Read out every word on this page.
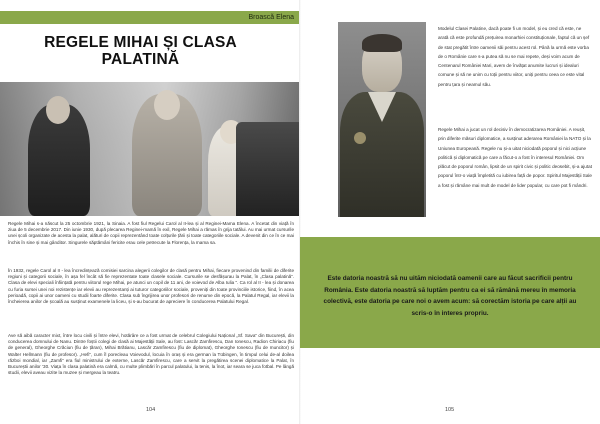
Broască Elena
REGELE MIHAI ȘI CLASA PALATINĂ

Regele Mihai s-a născut la 25 octombrie 1921, la Sinaia. A fost fiul Regelui Carol al II-lea și al Reginei-Mama Elena. A încetat din viață în ziua de 5 decembrie 2017. Din iunie 1930, după plecarea Reginei-mamă în exil, Regele Mihai a rămas în grija tatălui. Au mai urmat cursurile unei școli organizate de acesta la palat, alături de copii reprezentând toate colțurile țării și toate categoriile sociale. A devenit din ce în ce mai închis în sine și mai gânditor. Singurele săptămâni fericite erau cele petrecute la Florența, la mama sa.

În 1932, regele Carol al II - lea încredințează comisiei sarcina alegerii colegilor de clasă pentru Mihai, fiecare provenind din familii de diferite regiuni și categorii sociale, în așa fel încât să fie reprezentate toate clasele sociale. Cursurile se desfășurau la Palat, în „Clasa palatină”. Clasa de elevi speciali înființată pentru viitorul rege Mihai, pe atunci un copil de 11 ani, de voievod de Alba Iulia ”. Ca rol al II - lea și donarea cu furia sursei unei noi rezistențe iar elevii au reprezentanți ai tuturor categoriilor sociale, proveniți din toate provinciile istorice, fiind, în acea perioadă, copii ai unor oameni cu studii foarte diferite. Clasa sub îngrijirea unor profesori de renume din epocă, la Palatul Regal, iar elevii la încheierea anilor de școală au susținut examenele la liceu, și s-au bucurat de apreciere în conducerea Palatului Regal.

Ave să aibă caracter mixt, între locu civili și între elevi, hotărâre ce a fost urmat de celebrul Colegiului Național „Sf. Sava” din București, din conducerea domnului de Nanu. Dintre foștii colegi de clasă ai Majestății Sale, au fost: Lascăr Zamfirescu, Dan Ionescu, Radion Chiriacu (fiu de general), Gheorghe Crăciun (fiu de țăran), Mihai Brătianu, Lascăr Zamfirescu (fiu de diplomat), Gheorghe Ionescu (fiu de muncitor) și Walter Hellmann (fiu de profesor). „Hefi”, cum îl porecleau Voievodul, locuia în oraș și era german la Tübingen, în timpul celui de-al doilea război mondial, iar „Zamfi” era fiul ministrului de externe, Lascăr Zamfirescu, care a servit la pregătirea scenei diplomatice la Palat, în Bucureștii anilor ’30. Viața în clasa palatină era calmă, cu multe plimbări în parcul palatului, la tenis, la înot, iar seara se juca fotbal. Pe lângă studii, elevii aveau vizite la muzee și mergeau la teatru.

104

Modelul Clasei Palatine, dacă poate fi un model, și eu cred că este, ne arată că este profundă prețuirea monarhiei constituționale, faptul că un șef de stat pregătit între oamenii săi pentru acest rol. Până la urmă este vorba de o Românie care s-a putea să nu se mai repete, deși voim acum de Centenarul României Mari, avem de învățat anumite lucruri și idealuri comune și să ne unim cu toții pentru viitor, uniți pentru ceea ce este vital pentru țara și neamul său.

Regele Mihai a jucat un rol decisiv în democratizarea României. A reușit, prin diferite măsuri diplomatice, a susținut aderarea României la NATO și la Uniunea Europeană. Regele nu și-a uitat niciodată poporul și nici acțiune politică și diplomatică pe care a făcut-o a fost în interesul României. Om plăcut de poporul român, lipsit de un spirit civic și politic deosebit, și-a ajutat poporul într-o viață împletită cu iubirea față de popor. Spiritul Majestății Sale a fost și rămâne mai mult de model de lider popular, cu care pot fi mândri.

Este datoria noastră să nu uităm niciodată oamenii care au făcut sacrificii pentru România. Este datoria noastră să luptăm pentru ca ei să rămână mereu în memoria colectivă, este datoria pe care noi o avem acum: să corectăm istoria pe care alții au scris-o în interes propriu.

105
